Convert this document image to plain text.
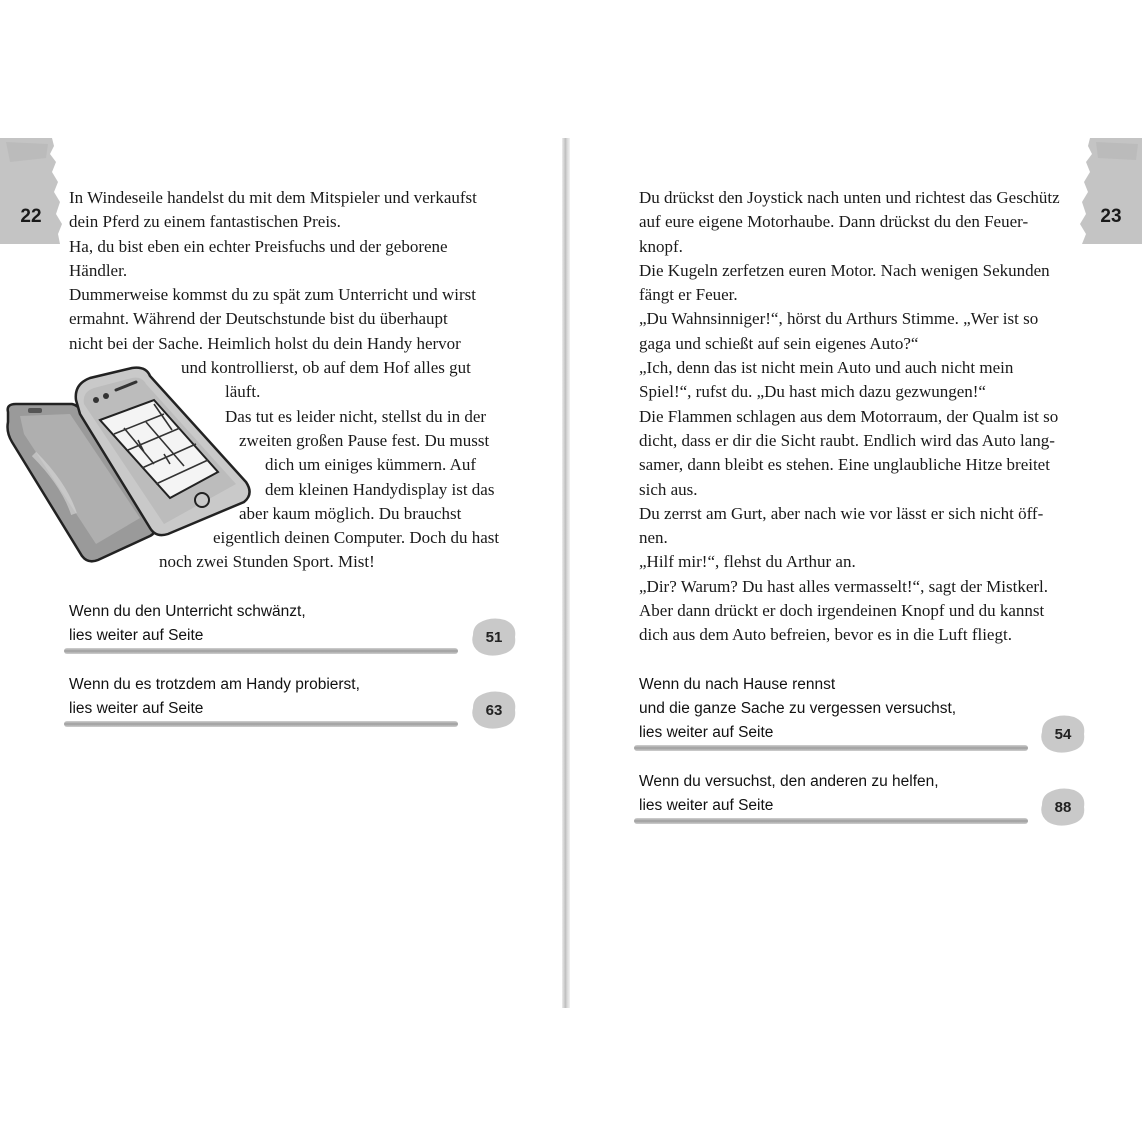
22	23

In Windeseile handelst du mit dem Mitspieler und verkaufst

dein Pferd zu einem fantastischen Preis.

Ha, du bist eben ein echter Preisfuchs und der geborene

Händler.

Dummerweise kommst du zu spät zum Unterricht und wirst

ermahnt. Während der Deutschstunde bist du überhaupt

nicht bei der Sache. Heimlich holst du dein Handy hervor

und kontrollierst, ob auf dem Hof alles gut

läuft.

Das tut es leider nicht, stellst du in der

zweiten großen Pause fest. Du musst

dich um einiges kümmern. Auf

dem kleinen Handydisplay ist das

aber kaum möglich. Du brauchst

eigentlich deinen Computer. Doch du hast

noch zwei Stunden Sport. Mist!

Wenn du den Unterricht schwänzt,
lies weiter auf Seite	51
Wenn du es trotzdem am Handy probierst,
lies weiter auf Seite	63

Du drückst den Joystick nach unten und richtest das Geschütz

auf eure eigene Motorhaube. Dann drückst du den Feuer-

knopf.

Die Kugeln zerfetzen euren Motor. Nach wenigen Sekunden

fängt er Feuer.

„Du Wahnsinniger!“, hörst du Arthurs Stimme. „Wer ist so

gaga und schießt auf sein eigenes Auto?“

„Ich, denn das ist nicht mein Auto und auch nicht mein

Spiel!“, rufst du. „Du hast mich dazu gezwungen!“

Die Flammen schlagen aus dem Motorraum, der Qualm ist so

dicht, dass er dir die Sicht raubt. Endlich wird das Auto lang-

samer, dann bleibt es stehen. Eine unglaubliche Hitze breitet

sich aus.

Du zerrst am Gurt, aber nach wie vor lässt er sich nicht öff-

nen.

„Hilf mir!“, flehst du Arthur an.

„Dir? Warum? Du hast alles vermasselt!“, sagt der Mistkerl.

Aber dann drückt er doch irgendeinen Knopf und du kannst

dich aus dem Auto befreien, bevor es in die Luft fliegt.

Wenn du nach Hause rennst
und die ganze Sache zu vergessen versuchst,
lies weiter auf Seite	54
Wenn du versuchst, den anderen zu helfen,
lies weiter auf Seite	88
